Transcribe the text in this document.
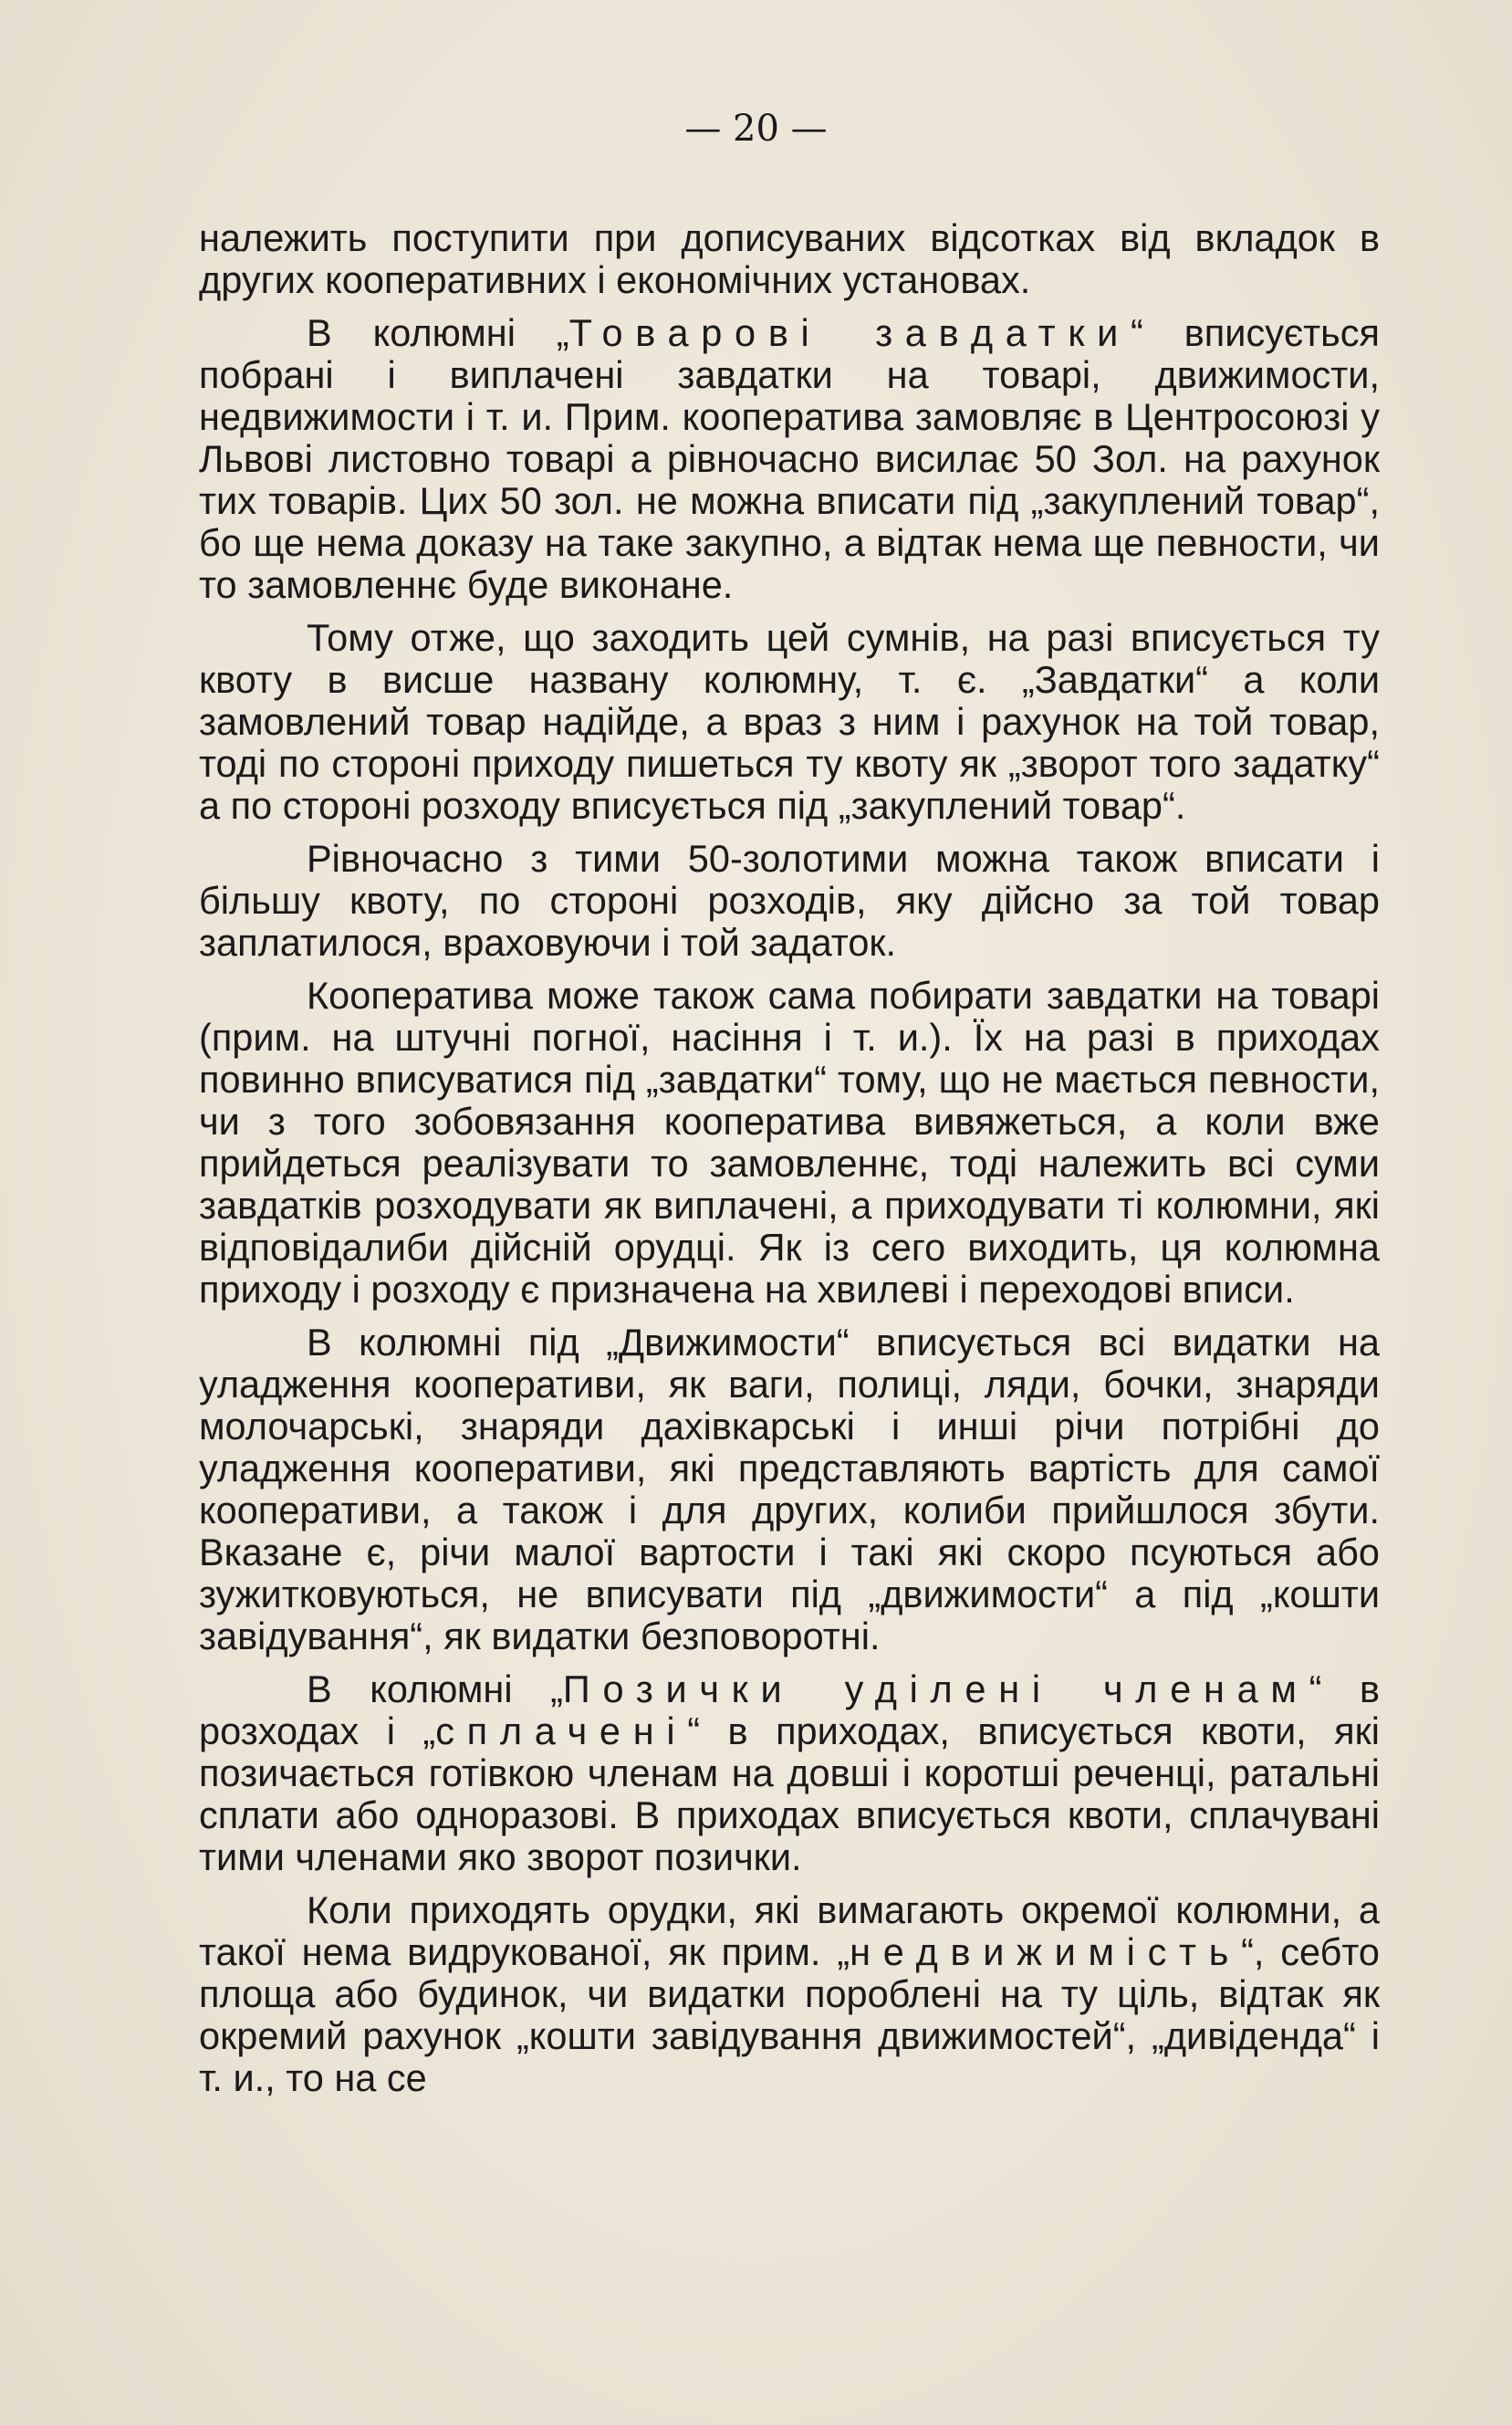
— 20 —

належить поступити при дописуваних відсотках від вкладок в других кооперативних і економічних установах.

В колюмні „Товарові завдатки“ вписується побрані і виплачені завдатки на товарі, движимости, недвижимости і т. и. Прим. кооператива замовляє в Центросоюзі у Львові листовно товарі а рівночасно висилає 50 Зол. на рахунок тих товарів. Цих 50 зол. не можна вписати під „закуплений товар“, бо ще нема доказу на таке закупно, а відтак нема ще певности, чи то замовленнє буде виконане.

Тому отже, що заходить цей сумнів, на разі вписується ту квоту в висше названу колюмну, т. є. „Завдатки“ а коли замовлений товар надійде, а враз з ним і рахунок на той товар, тоді по стороні приходу пишеться ту квоту як „зворот того задатку“ а по стороні розходу вписується під „закуплений товар“.

Рівночасно з тими 50-золотими можна також вписати і більшу квоту, по стороні розходів, яку дійсно за той товар заплатилося, враховуючи і той задаток.

Кооператива може також сама побирати завдатки на товарі (прим. на штучні погної, насіння і т. и.). Їх на разі в приходах повинно вписуватися під „завдатки“ тому, що не мається певности, чи з того зобовязання кооператива вивяжеться, а коли вже прийдеться реалізувати то замовленнє, тоді належить всі суми завдатків розходувати як виплачені, а приходувати ті колюмни, які відповідалиби дійсній орудці. Як із сего виходить, ця колюмна приходу і розходу є призначена на хвилеві і переходові вписи.

В колюмні під „Движимости“ вписується всі видатки на уладження кооперативи, як ваги, полиці, ляди, бочки, знаряди молочарські, знаряди дахівкарські і инші річи потрібні до уладження кооперативи, які представляють вартість для самої кооперативи, а також і для других, колиби прийшлося збути. Вказане є, річи малої вартости і такі які скоро псуються або зужитковуються, не вписувати під „движимости“ а під „кошти завідування“, як видатки безповоротні.

В колюмні „Позички уділені членам“ в розходах і „сплачені“ в приходах, вписується квоти, які позичається готівкою членам на довші і коротші реченці, ратальні сплати або одноразові. В приходах вписується квоти, сплачувані тими членами яко зворот позички.

Коли приходять орудки, які вимагають окремої колюмни, а такої нема видрукованої, як прим. „недвижимість“, себто площа або будинок, чи видатки пороблені на ту ціль, відтак як окремий рахунок „кошти завідування движимостей“, „дивіденда“ і т. и., то на се
